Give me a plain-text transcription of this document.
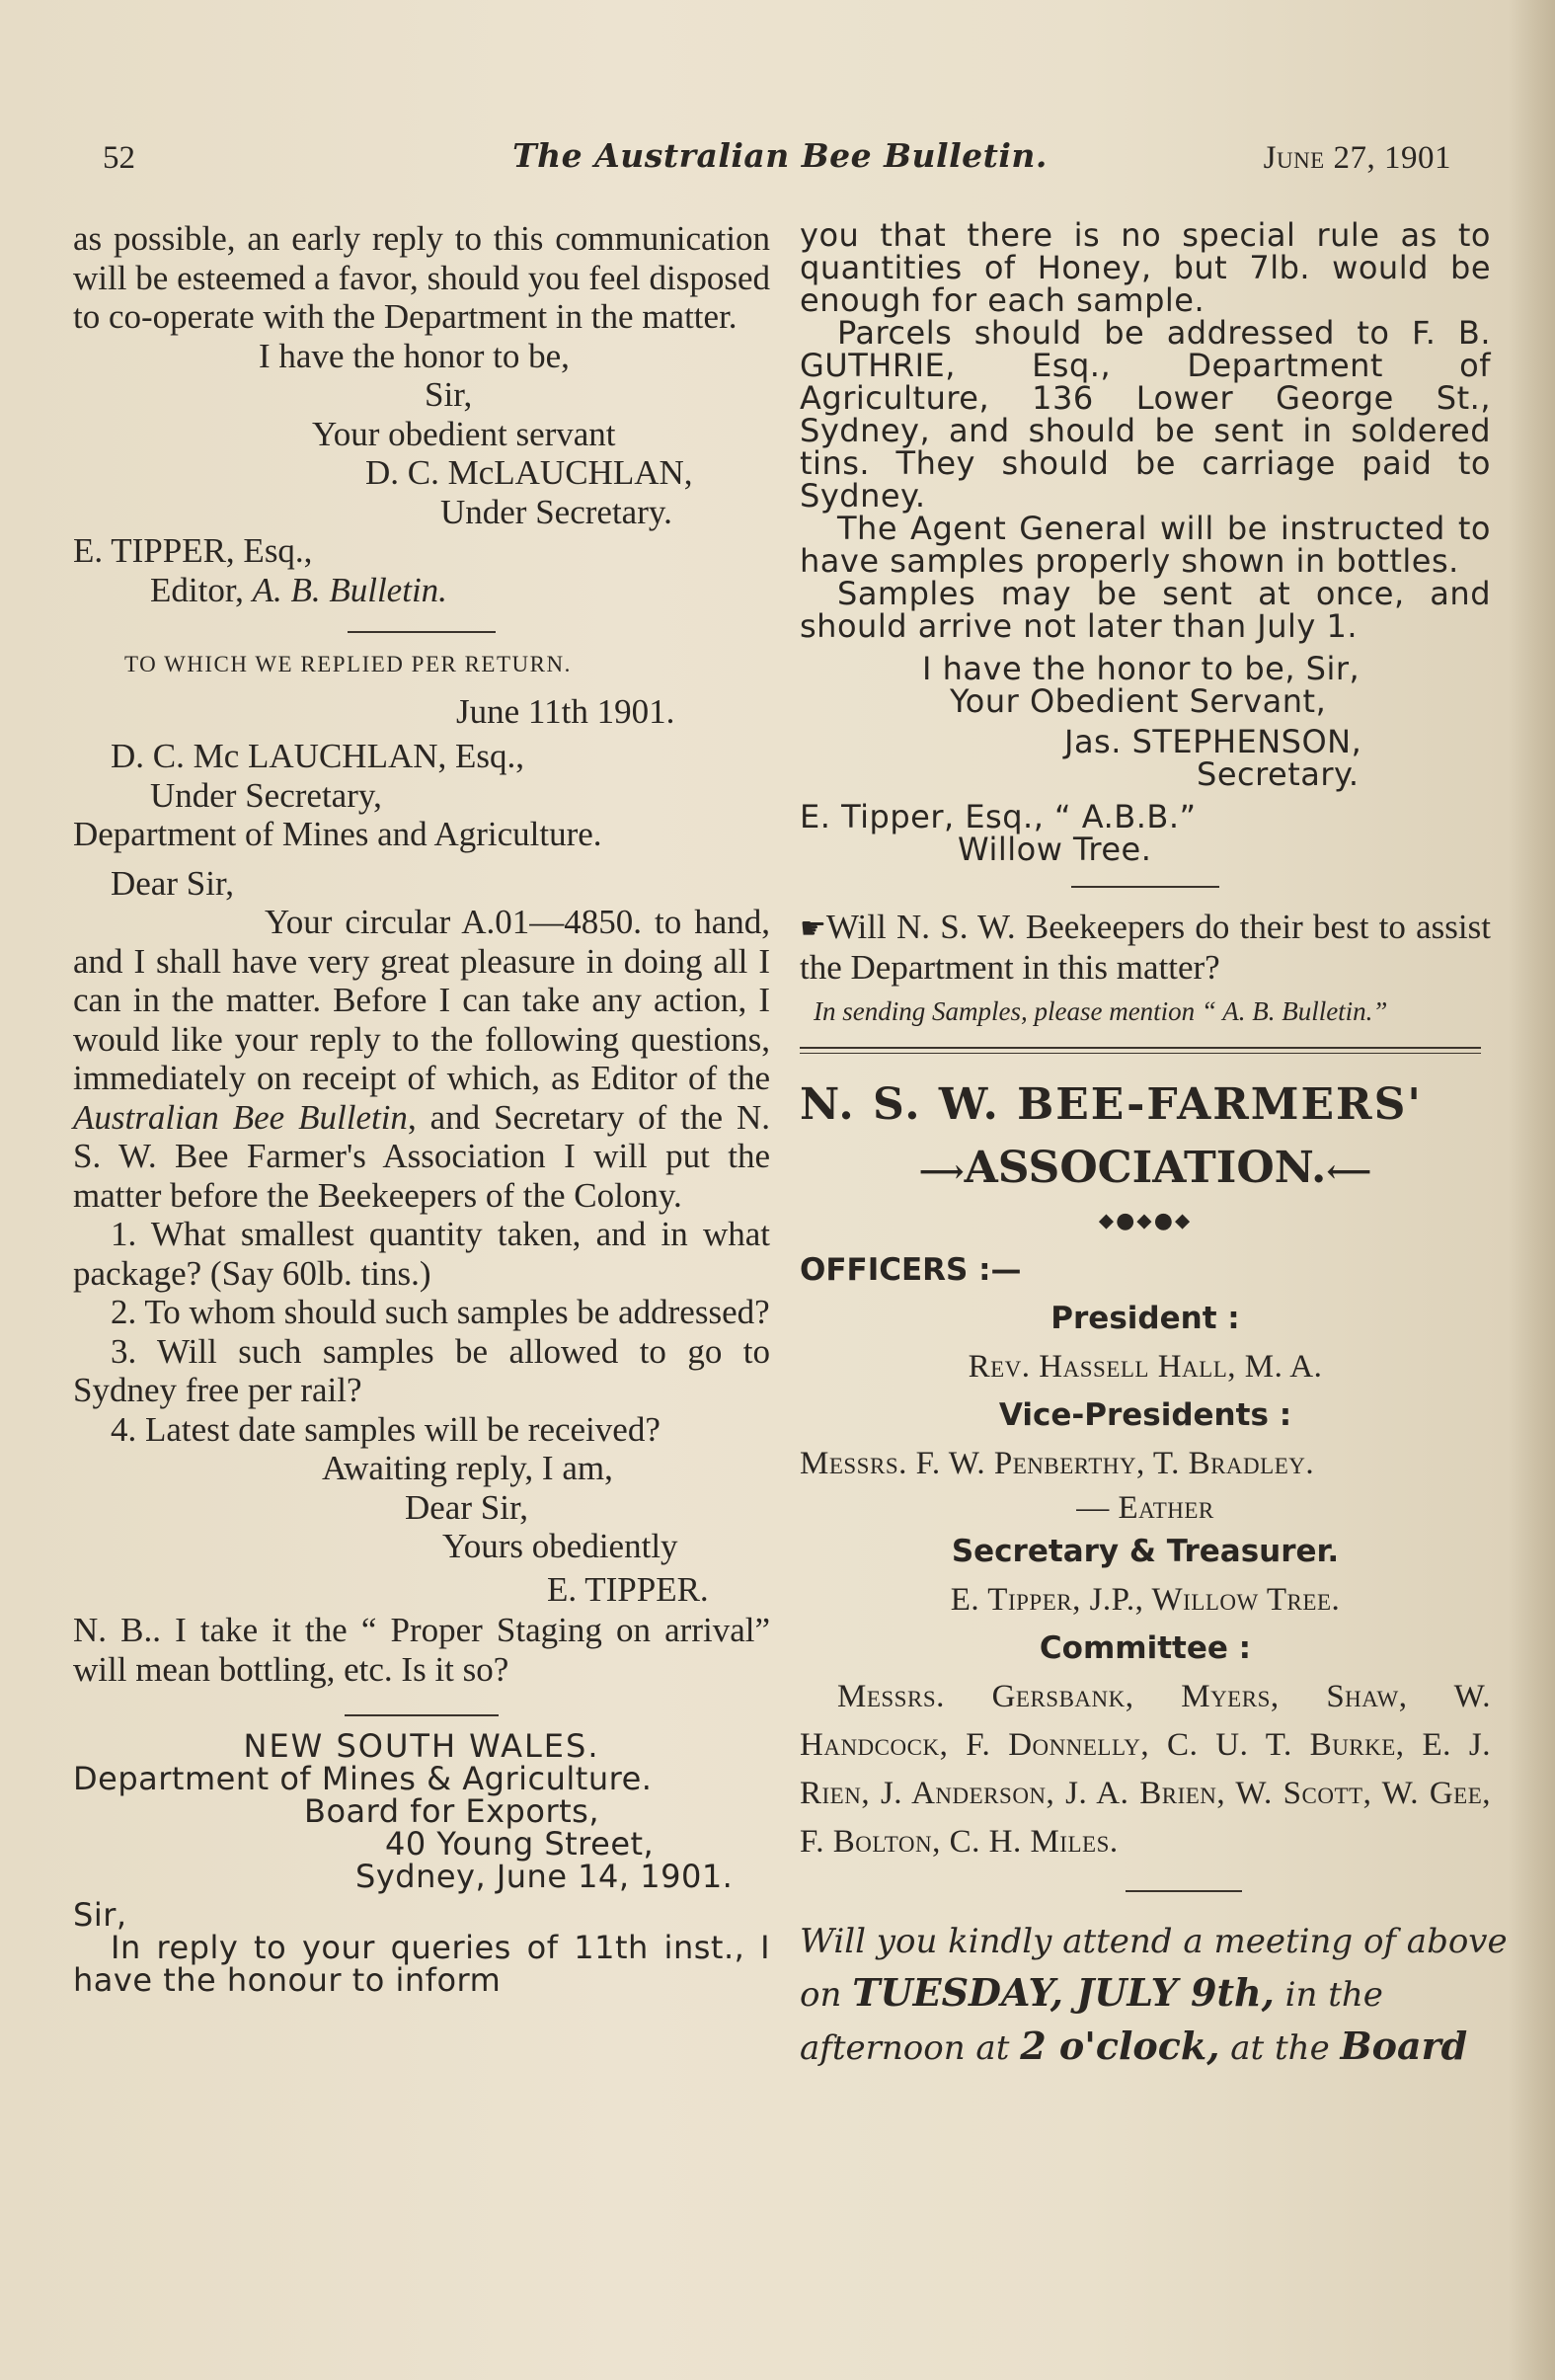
52	The Australian Bee Bulletin.	June 27, 1901

as possible, an early reply to this communication will be esteemed a favor, should you feel disposed to co-operate with the Department in the matter.

I have the honor to be,

Sir,

Your obedient servant

D. C. McLAUCHLAN,

Under Secretary.

E. TIPPER, Esq.,

Editor, A. B. Bulletin.

TO WHICH WE REPLIED PER RETURN.

June 11th 1901.

D. C. Mc LAUCHLAN, Esq.,

Under Secretary,

Department of Mines and Agriculture.

Dear Sir,

Your circular A.01—4850. to hand, and I shall have very great pleasure in doing all I can in the matter. Before I can take any action, I would like your reply to the following questions, immediately on receipt of which, as Editor of the Australian Bee Bulletin, and Secretary of the N. S. W. Bee Farmer's Association I will put the matter before the Beekeepers of the Colony.

1. What smallest quantity taken, and in what package? (Say 60lb. tins.)

2. To whom should such samples be addressed?

3. Will such samples be allowed to go to Sydney free per rail?

4. Latest date samples will be received?

Awaiting reply, I am,

Dear Sir,

Yours obediently

E. TIPPER.

N. B.. I take it the “ Proper Staging on arrival” will mean bottling, etc. Is it so?

NEW SOUTH WALES.

Department of Mines & Agriculture.

Board for Exports,

40 Young Street,

Sydney, June 14, 1901.

Sir,

In reply to your queries of 11th inst., I have the honour to inform

you that there is no special rule as to quantities of Honey, but 7lb. would be enough for each sample.

Parcels should be addressed to F. B. GUTHRIE, Esq., Department of Agriculture, 136 Lower George St., Sydney, and should be sent in soldered tins. They should be carriage paid to Sydney.

The Agent General will be instructed to have samples properly shown in bottles.

Samples may be sent at once, and should arrive not later than July 1.

I have the honor to be, Sir,

Your Obedient Servant,

Jas. STEPHENSON,

Secretary.

E. Tipper, Esq., “ A.B.B.”

Willow Tree.

☛Will N. S. W. Beekeepers do their best to assist the Department in this matter?

In sending Samples, please mention “ A. B. Bulletin.”

N. S. W. BEE-FARMERS'

⟶ASSOCIATION.⟵

⬥●⬥●⬥

OFFICERS :—

President :

Rev. Hassell Hall, M. A.

Vice-Presidents :

Messrs. F. W. Penberthy, T. Bradley.

— Eather

Secretary & Treasurer.

E. Tipper, J.P., Willow Tree.

Committee :

Messrs. Gersbank, Myers, Shaw, W. Handcock, F. Donnelly, C. U. T. Burke, E. J. Rien, J. Anderson, J. A. Brien, W. Scott, W. Gee, F. Bolton, C. H. Miles.

Will you kindly attend a meeting of above

on TUESDAY, JULY 9th, in the

afternoon at 2 o'clock, at the Board
